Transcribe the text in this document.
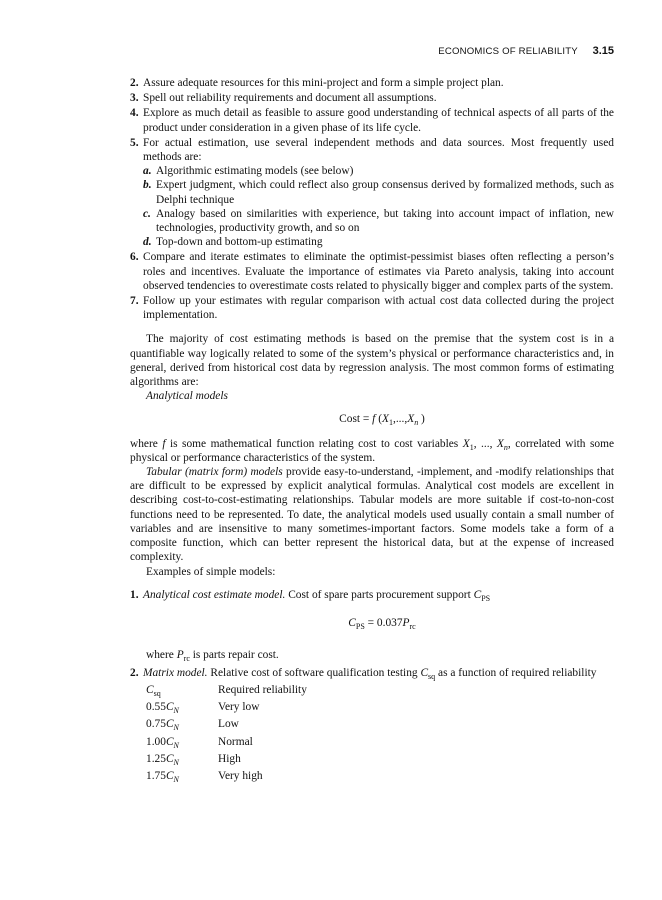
ECONOMICS OF RELIABILITY 3.15
2. Assure adequate resources for this mini-project and form a simple project plan.
3. Spell out reliability requirements and document all assumptions.
4. Explore as much detail as feasible to assure good understanding of technical aspects of all parts of the product under consideration in a given phase of its life cycle.
5. For actual estimation, use several independent methods and data sources. Most frequently used methods are:
a. Algorithmic estimating models (see below)
b. Expert judgment, which could reflect also group consensus derived by formalized methods, such as Delphi technique
c. Analogy based on similarities with experience, but taking into account impact of inflation, new technologies, productivity growth, and so on
d. Top-down and bottom-up estimating
6. Compare and iterate estimates to eliminate the optimist-pessimist biases often reflecting a person’s roles and incentives. Evaluate the importance of estimates via Pareto analysis, taking into account observed tendencies to overestimate costs related to physically bigger and complex parts of the system.
7. Follow up your estimates with regular comparison with actual cost data collected during the project implementation.
The majority of cost estimating methods is based on the premise that the system cost is in a quantifiable way logically related to some of the system’s physical or performance characteristics and, in general, derived from historical cost data by regression analysis. The most common forms of estimating algorithms are:
Analytical models
Cost = f ($X_1,...,X_n$ )
where f is some mathematical function relating cost to cost variables $X_1$, ..., $X_n$, correlated with some physical or performance characteristics of the system.
Tabular (matrix form) models provide easy-to-understand, -implement, and -modify relationships that are difficult to be expressed by explicit analytical formulas. Analytical cost models are excellent in describing cost-to-cost-estimating relationships. Tabular models are more suitable if cost-to-non-cost functions need to be represented. To date, the analytical models used usually contain a small number of variables and are insensitive to many sometimes-important factors. Some models take a form of a composite function, which can better represent the historical data, but at the expense of increased complexity.
Examples of simple models:
1. Analytical cost estimate model. Cost of spare parts procurement support $C_{PS}$
$C_{PS} = 0.037P_{rc}$
where $P_{rc}$ is parts repair cost.
2. Matrix model. Relative cost of software qualification testing $C_{sq}$ as a function of required reliability
$C_{sq}$	Required reliability
$0.55C_N$	Very low
$0.75C_N$	Low
$1.00C_N$	Normal
$1.25C_N$	High
$1.75C_N$	Very high
